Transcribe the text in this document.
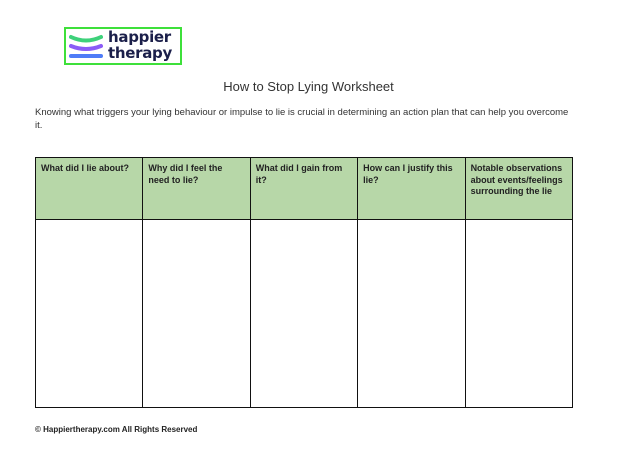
happier
therapy
How to Stop Lying Worksheet
Knowing what triggers your lying behaviour or impulse to lie is crucial in determining an action plan that can help you overcome it.
What did I lie about?	Why did I feel the need to lie?	What did I gain from it?	How can I justify this lie?	Notable observations about events/feelings surrounding the lie

© Happiertherapy.com All Rights Reserved
